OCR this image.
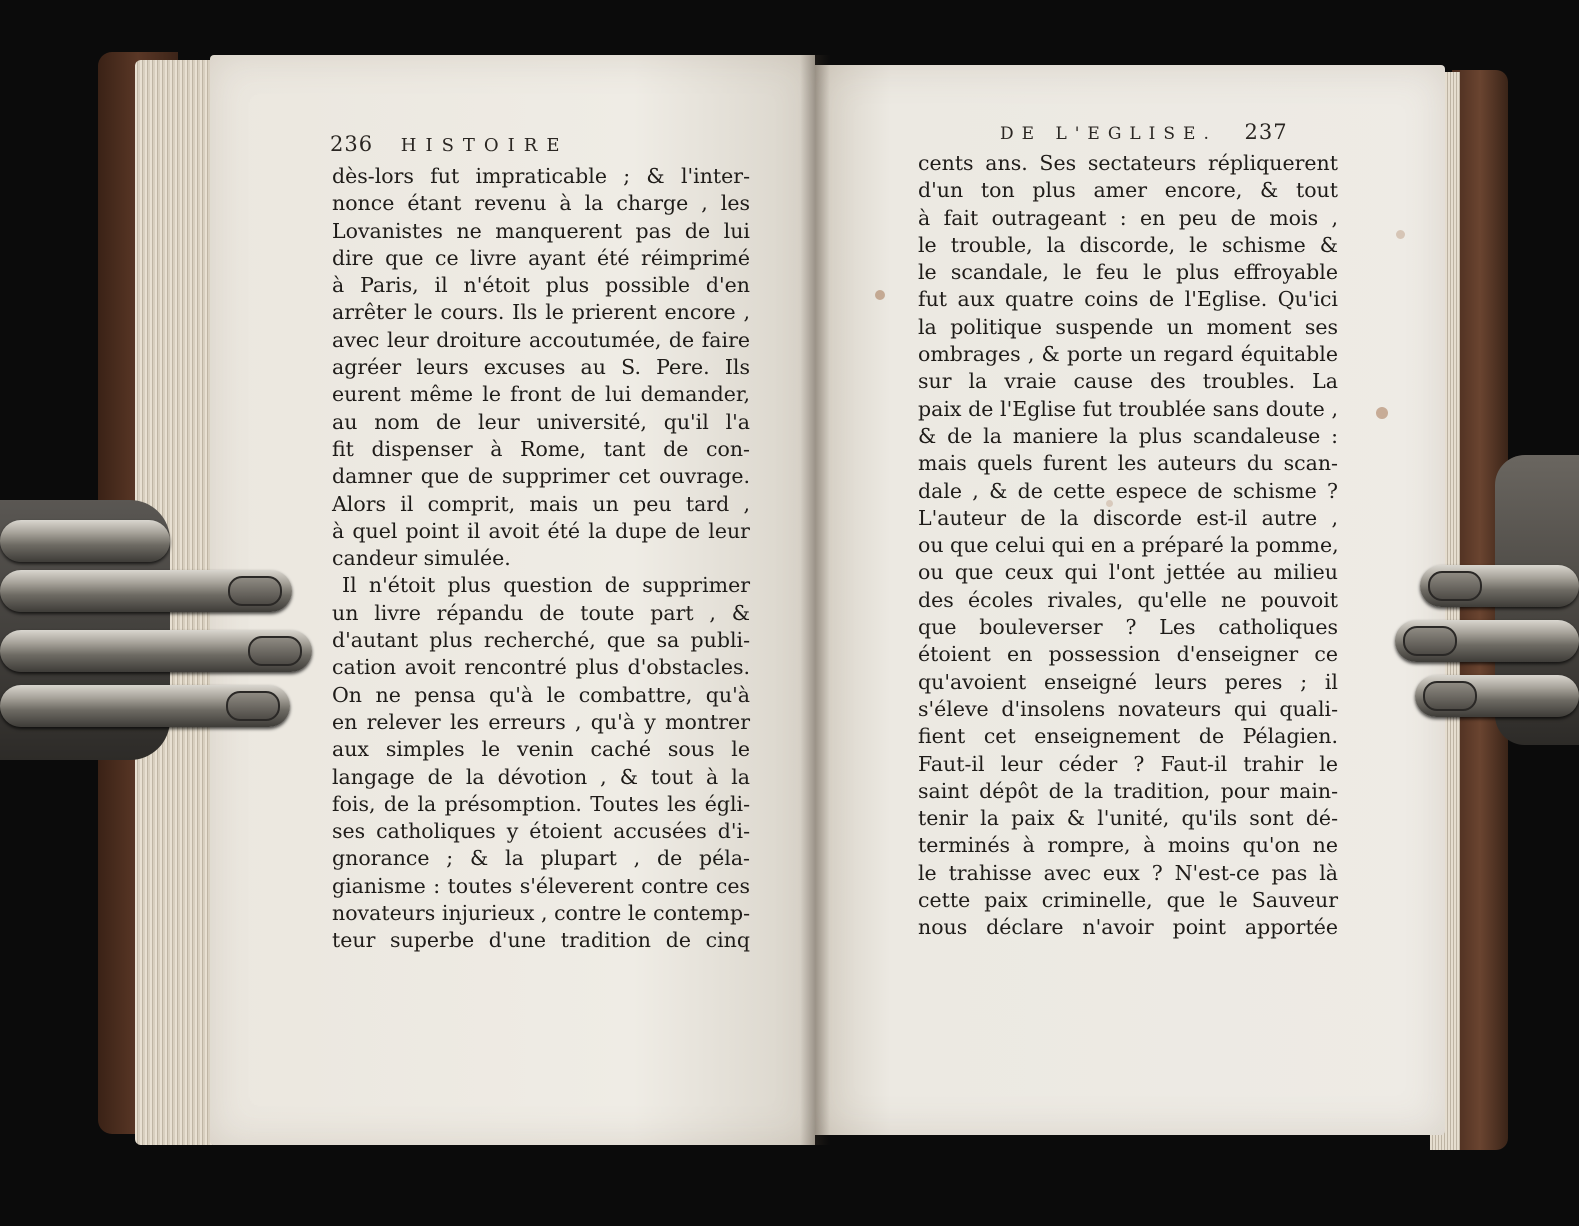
236 HISTOIRE
DE L'EGLISE. 237
dès-lors fut impraticable ; & l'inter-
nonce étant revenu à la charge , les
Lovanistes ne manquerent pas de lui
dire que ce livre ayant été réimprimé
à Paris, il n'étoit plus possible d'en
arrêter le cours. Ils le prierent encore ,
avec leur droiture accoutumée, de faire
agréer leurs excuses au S. Pere. Ils
eurent même le front de lui demander,
au nom de leur université, qu'il l'a
fit dispenser à Rome, tant de con-
damner que de supprimer cet ouvrage.
Alors il comprit, mais un peu tard ,
à quel point il avoit été la dupe de leur
candeur simulée.
Il n'étoit plus question de supprimer
un livre répandu de toute part , &
d'autant plus recherché, que sa publi-
cation avoit rencontré plus d'obstacles.
On ne pensa qu'à le combattre, qu'à
en relever les erreurs , qu'à y montrer
aux simples le venin caché sous le
langage de la dévotion , & tout à la
fois, de la présomption. Toutes les égli-
ses catholiques y étoient accusées d'i-
gnorance ; & la plupart , de péla-
gianisme : toutes s'éleverent contre ces
novateurs injurieux , contre le contemp-
teur superbe d'une tradition de cinq
cents ans. Ses sectateurs répliquerent
d'un ton plus amer encore, & tout
à fait outrageant : en peu de mois ,
le trouble, la discorde, le schisme &
le scandale, le feu le plus effroyable
fut aux quatre coins de l'Eglise. Qu'ici
la politique suspende un moment ses
ombrages , & porte un regard équitable
sur la vraie cause des troubles. La
paix de l'Eglise fut troublée sans doute ,
& de la maniere la plus scandaleuse :
mais quels furent les auteurs du scan-
dale , & de cette espece de schisme ?
L'auteur de la discorde est-il autre ,
ou que celui qui en a préparé la pomme,
ou que ceux qui l'ont jettée au milieu
des écoles rivales, qu'elle ne pouvoit
que bouleverser ? Les catholiques
étoient en possession d'enseigner ce
qu'avoient enseigné leurs peres ; il
s'éleve d'insolens novateurs qui quali-
fient cet enseignement de Pélagien.
Faut-il leur céder ? Faut-il trahir le
saint dépôt de la tradition, pour main-
tenir la paix & l'unité, qu'ils sont dé-
terminés à rompre, à moins qu'on ne
le trahisse avec eux ? N'est-ce pas là
cette paix criminelle, que le Sauveur
nous déclare n'avoir point apportée
